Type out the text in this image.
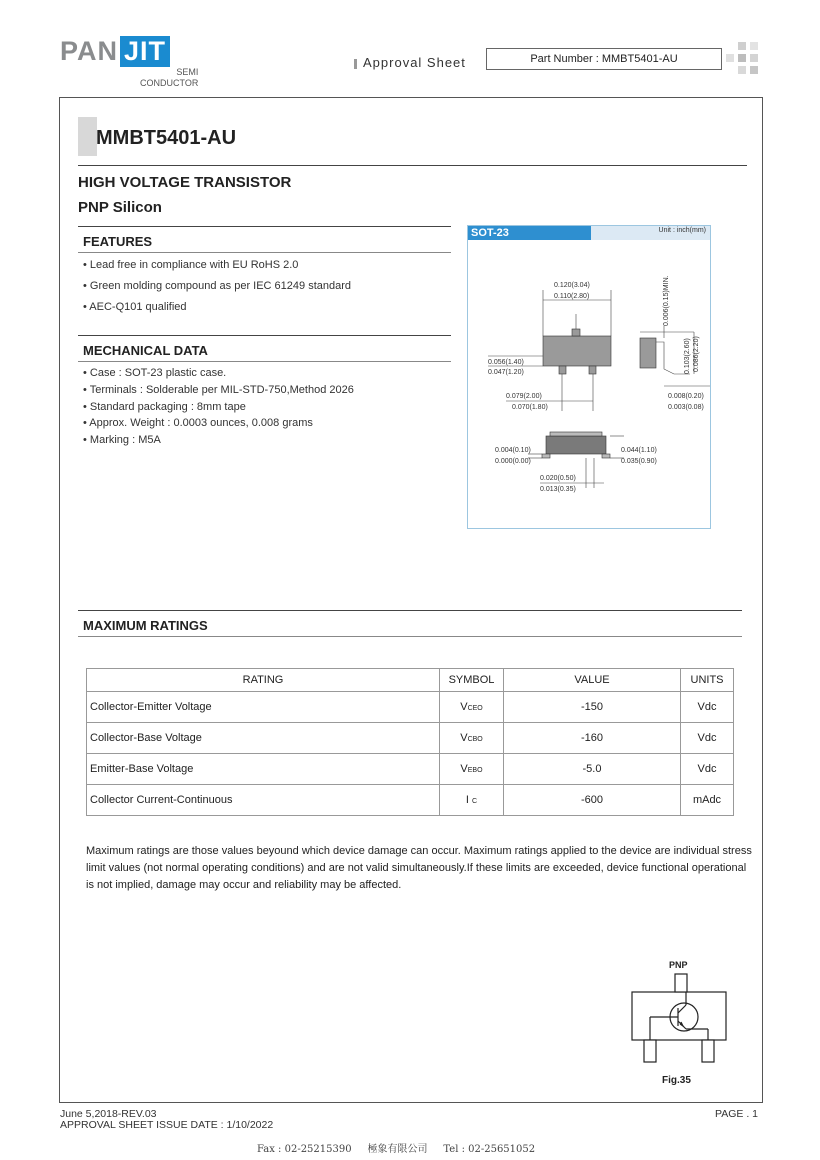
PAN JIT
SEMI
CONDUCTOR
Approval Sheet	Part Number : MMBT5401-AU
MMBT5401-AU
HIGH VOLTAGE TRANSISTOR
PNP Silicon
FEATURES
• Lead free in compliance with EU RoHS 2.0
• Green molding compound as per IEC 61249 standard
• AEC-Q101 qualified
MECHANICAL DATA
• Case : SOT-23 plastic case.
• Terminals : Solderable per MIL-STD-750,Method 2026
• Standard packaging : 8mm tape
• Approx. Weight : 0.0003 ounces, 0.008 grams
• Marking : M5A
SOT-23	Unit : inch(mm)
0.120(3.04)
0.110(2.80)
0.056(1.40)
0.047(1.20)
0.079(2.00)
0.070(1.80)
0.006(0.15)MIN.
0.103(2.60) 0.086(2.20)
0.008(0.20)
0.003(0.08)
0.004(0.10)
0.000(0.00)
0.044(1.10)
0.035(0.90)
0.020(0.50)
0.013(0.35)
MAXIMUM RATINGS
RATING	SYMBOL	VALUE	UNITS
Collector-Emitter Voltage	VCEO	-150	Vdc
Collector-Base Voltage	VCBO	-160	Vdc
Emitter-Base Voltage	VEBO	-5.0	Vdc
Collector Current-Continuous	I C	-600	mAdc
Maximum ratings are those values beyound which device damage can occur. Maximum ratings applied to the device are individual stress limit values (not normal operating conditions) and are not valid simultaneously.If these limits are exceeded, device functional operational is not implied, damage may occur and reliability may be affected.
PNP
Fig.35
June 5,2018-REV.03
APPROVAL SHEET ISSUE DATE : 1/10/2022
PAGE . 1
Fax : 02-25215390     極象有限公司     Tel : 02-25651052
